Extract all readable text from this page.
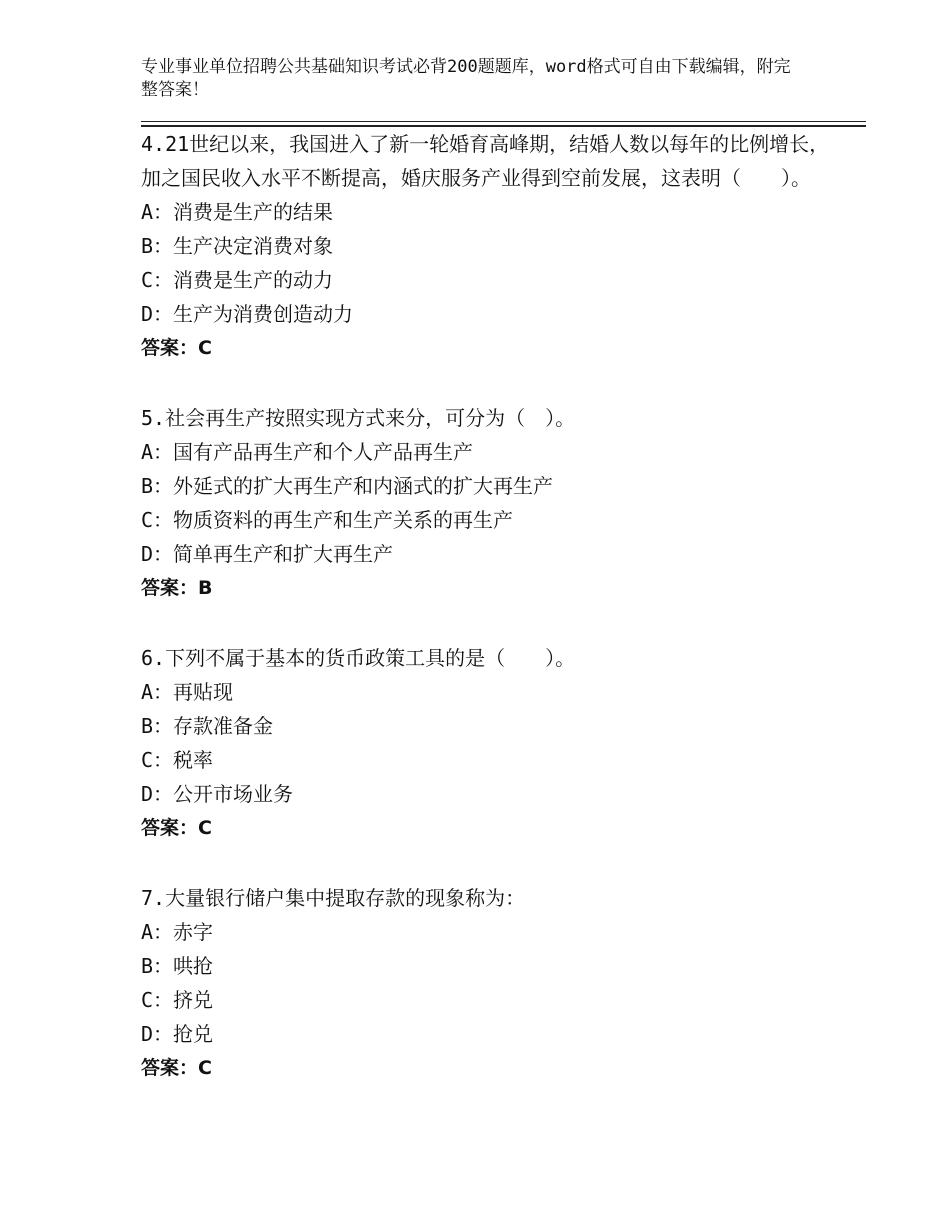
专业事业单位招聘公共基础知识考试必背200题题库，word格式可自由下载编辑，附完整答案！
4.21世纪以来，我国进入了新一轮婚育高峰期，结婚人数以每年的比例增长，加之国民收入水平不断提高，婚庆服务产业得到空前发展，这表明（　　）。
A：消费是生产的结果
B：生产决定消费对象
C：消费是生产的动力
D：生产为消费创造动力
答案：C
5.社会再生产按照实现方式来分，可分为（　）。
A：国有产品再生产和个人产品再生产
B：外延式的扩大再生产和内涵式的扩大再生产
C：物质资料的再生产和生产关系的再生产
D：简单再生产和扩大再生产
答案：B
6.下列不属于基本的货币政策工具的是（　　）。
A：再贴现
B：存款准备金
C：税率
D：公开市场业务
答案：C
7.大量银行储户集中提取存款的现象称为：
A：赤字
B：哄抢
C：挤兑
D：抢兑
答案：C
